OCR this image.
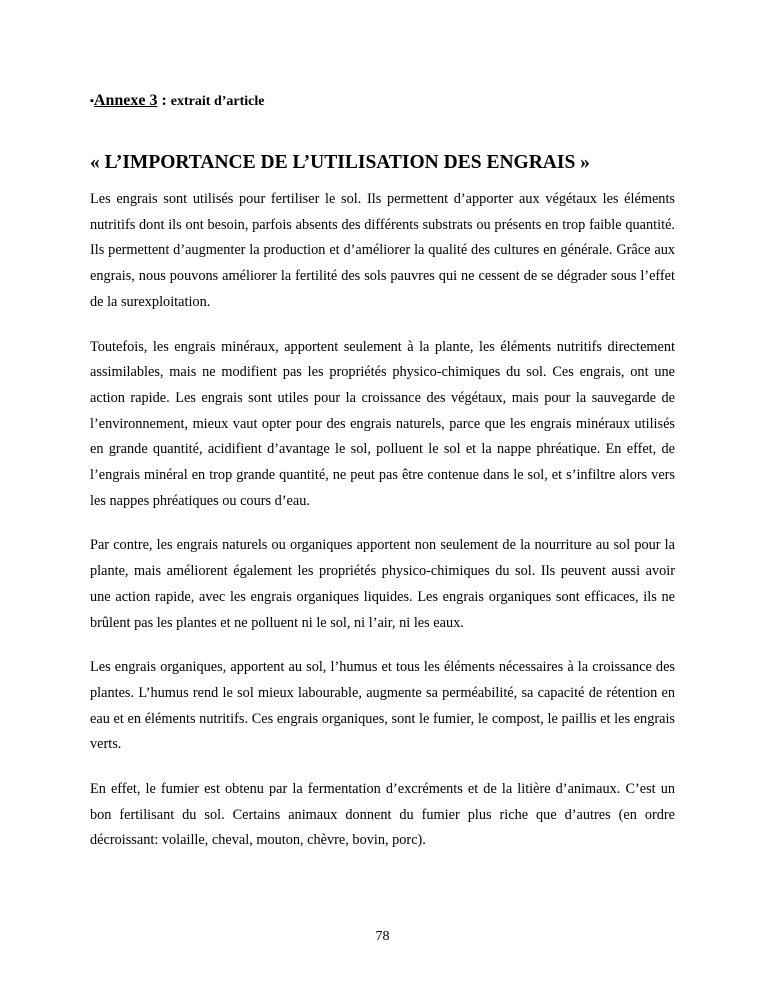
▪Annexe 3 : extrait d’article
« L’IMPORTANCE DE L’UTILISATION DES ENGRAIS »

Les engrais sont utilisés pour fertiliser le sol. Ils permettent d’apporter aux végétaux les éléments nutritifs dont ils ont besoin, parfois absents des différents substrats ou présents en trop faible quantité. Ils permettent d’augmenter la production et d’améliorer la qualité des cultures en générale. Grâce aux engrais, nous pouvons améliorer la fertilité des sols pauvres qui ne cessent de se dégrader sous l’effet de la surexploitation.

Toutefois, les engrais minéraux, apportent seulement à la plante, les éléments nutritifs directement assimilables, mais ne modifient pas les propriétés physico-chimiques du sol. Ces engrais, ont une action rapide. Les engrais sont utiles pour la croissance des végétaux, mais pour la sauvegarde de l’environnement, mieux vaut opter pour des engrais naturels, parce que les engrais minéraux utilisés en grande quantité, acidifient d’avantage le sol, polluent le sol et la nappe phréatique. En effet, de l’engrais minéral en trop grande quantité, ne peut pas être contenue dans le sol, et s’infiltre alors vers les nappes phréatiques ou cours d’eau.

Par contre, les engrais naturels ou organiques apportent non seulement de la nourriture au sol pour la plante, mais améliorent également les propriétés physico-chimiques du sol. Ils peuvent aussi avoir une action rapide, avec les engrais organiques liquides. Les engrais organiques sont efficaces, ils ne brûlent pas les plantes et ne polluent ni le sol, ni l’air, ni les eaux.

Les engrais organiques, apportent au sol, l’humus et tous les éléments nécessaires à la croissance des plantes. L’humus rend le sol mieux labourable, augmente sa perméabilité, sa capacité de rétention en eau et en éléments nutritifs. Ces engrais organiques, sont le fumier, le compost, le paillis et les engrais verts.

En effet, le fumier est obtenu par la fermentation d’excréments et de la litière d’animaux. C’est un bon fertilisant du sol. Certains animaux donnent du fumier plus riche que d’autres (en ordre décroissant: volaille, cheval, mouton, chèvre, bovin, porc).

78
